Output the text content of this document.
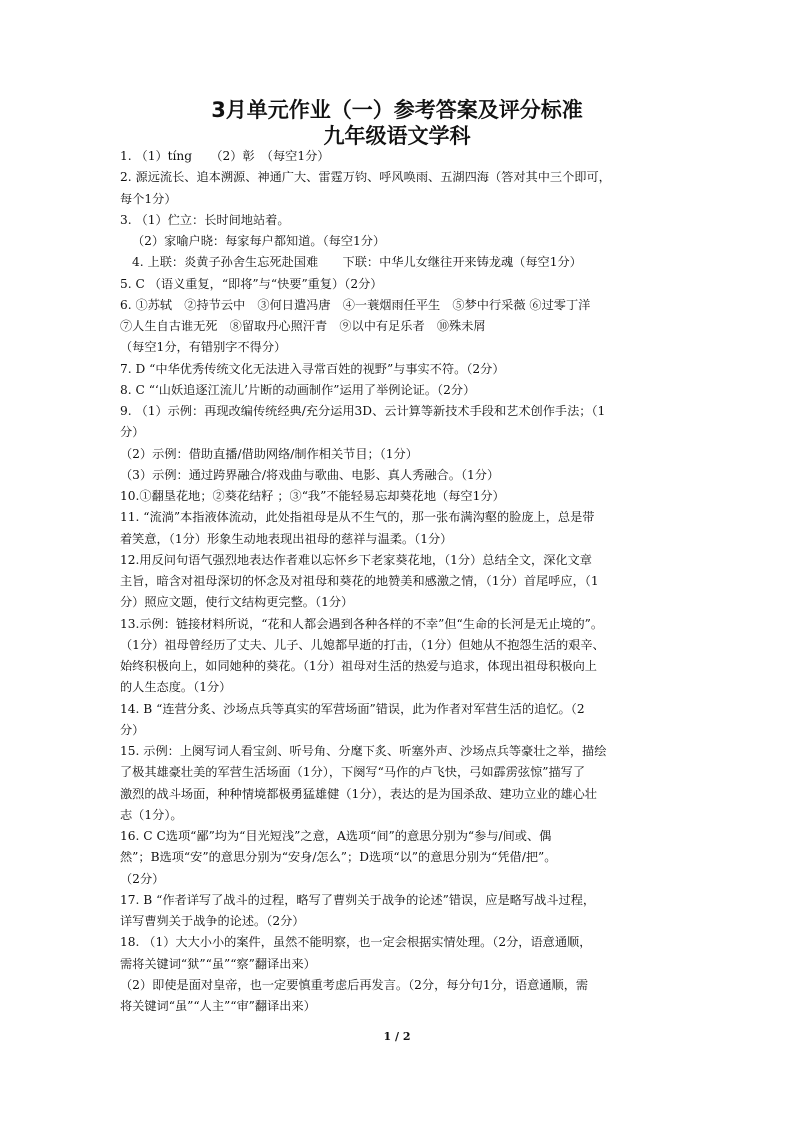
3月单元作业（一）参考答案及评分标准
九年级语文学科
1. （1）tíng　　（2）彰　（每空1分）
2. 源远流长、追本溯源、神通广大、雷霆万钧、呼风唤雨、五湖四海（答对其中三个即可，
每个1分）
3. （1）伫立：长时间地站着。
（2）家喻户晓：每家每户都知道。（每空1分）
4. 上联：炎黄子孙舍生忘死赴国难　　下联：中华儿女继往开来铸龙魂（每空1分）
5. C （语义重复，“即将”与“快要”重复）（2分）
6. ①苏轼　②持节云中　③何日遣冯唐　④一蓑烟雨任平生　⑤梦中行采薇 ⑥过零丁洋
⑦人生自古谁无死　⑧留取丹心照汗青　⑨以中有足乐者　⑩殊未屑
（每空1分，有错别字不得分）
7. D “中华优秀传统文化无法进入寻常百姓的视野”与事实不符。（2分）
8. C “‘山妖追逐江流儿’片断的动画制作”运用了举例论证。（2分）
9. （1）示例：再现改编传统经典/充分运用3D、云计算等新技术手段和艺术创作手法；（1
分）
（2）示例：借助直播/借助网络/制作相关节目；（1分）
（3）示例：通过跨界融合/将戏曲与歌曲、电影、真人秀融合。（1分）
10.①翻垦花地；②葵花结籽 ；③“我”不能轻易忘却葵花地（每空1分）
11. “流淌”本指液体流动，此处指祖母是从不生气的，那一张布满沟壑的脸庞上，总是带
着笑意，（1分）形象生动地表现出祖母的慈祥与温柔。（1分）
12.用反问句语气强烈地表达作者难以忘怀乡下老家葵花地，（1分）总结全文，深化文章
主旨，暗含对祖母深切的怀念及对祖母和葵花的地赞美和感激之情，（1分）首尾呼应，（1
分）照应文题，使行文结构更完整。（1分）
13.示例：链接材料所说，“花和人都会遇到各种各样的不幸”但“生命的长河是无止境的”。
（1分）祖母曾经历了丈夫、儿子、儿媳都早逝的打击，（1分）但她从不抱怨生活的艰辛、
始终积极向上，如同她种的葵花。（1分）祖母对生活的热爱与追求，体现出祖母积极向上
的人生态度。（1分）
14. B “连营分炙、沙场点兵等真实的军营场面”错误，此为作者对军营生活的追忆。（2
分）
15. 示例：上阕写词人看宝剑、听号角、分麾下炙、听塞外声、沙场点兵等豪壮之举，描绘
了极其雄豪壮美的军营生活场面（1分），下阕写“马作的卢飞快，弓如霹雳弦惊”描写了
激烈的战斗场面，种种情境都极勇猛雄健（1分），表达的是为国杀敌、建功立业的雄心壮
志（1分）。
16. C C选项“鄙”均为“目光短浅”之意，A选项“间”的意思分别为“参与/间或、偶
然”；B选项“安”的意思分别为“安身/怎么”；D选项“以”的意思分别为“凭借/把”。
（2分）
17. B “作者详写了战斗的过程，略写了曹刿关于战争的论述”错误，应是略写战斗过程，
详写曹刿关于战争的论述。（2分）
18. （1）大大小小的案件，虽然不能明察，也一定会根据实情处理。（2分，语意通顺，
需将关键词“狱”“虽”“察”翻译出来）
（2）即使是面对皇帝，也一定要慎重考虑后再发言。（2分，每分句1分，语意通顺，需
将关键词“虽”“人主”“审”翻译出来）
1 / 2
